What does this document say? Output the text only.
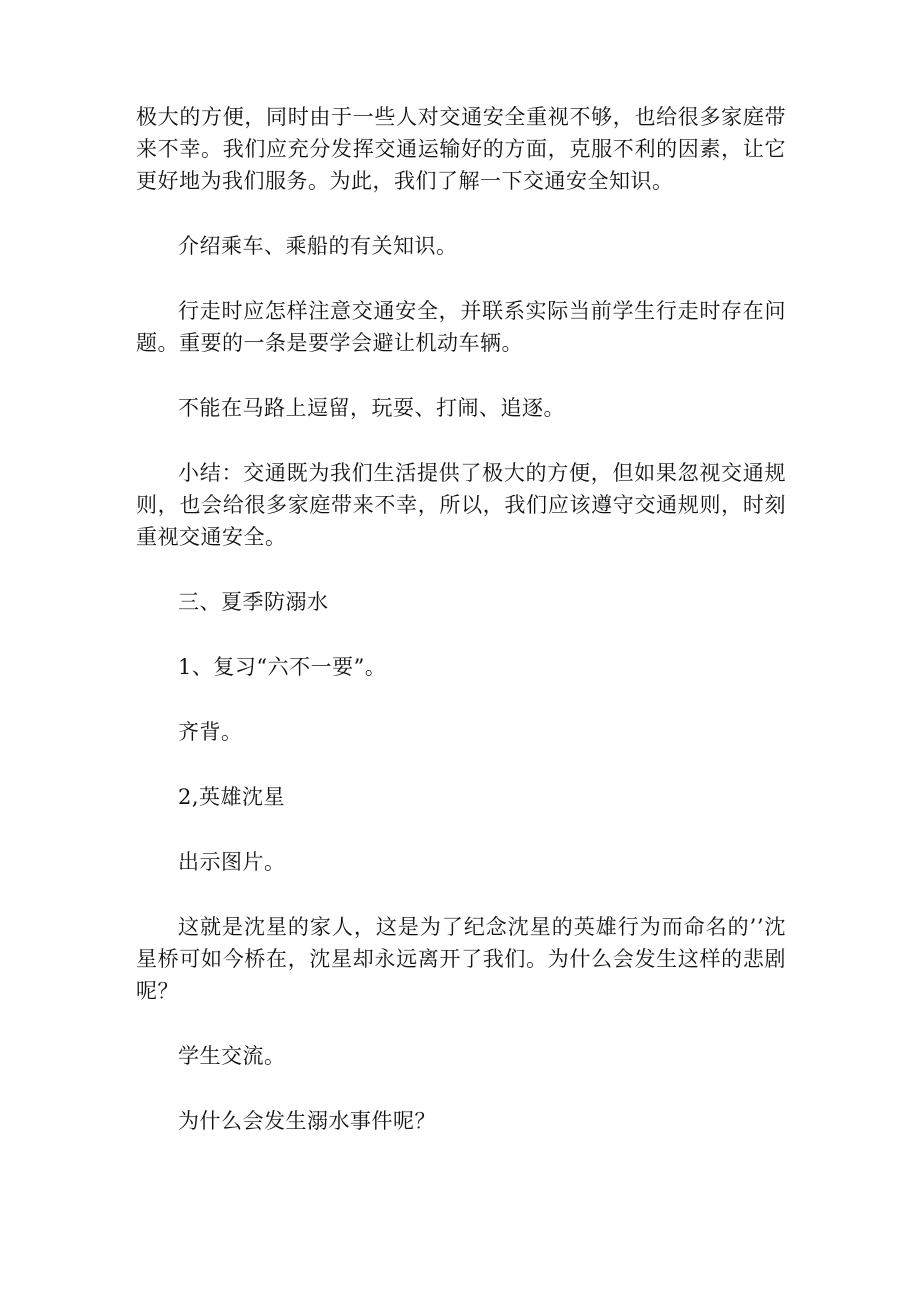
极大的方便，同时由于一些人对交通安全重视不够，也给很多家庭带来不幸。我们应充分发挥交通运输好的方面，克服不利的因素，让它更好地为我们服务。为此，我们了解一下交通安全知识。

介绍乘车、乘船的有关知识。

行走时应怎样注意交通安全，并联系实际当前学生行走时存在问题。重要的一条是要学会避让机动车辆。

不能在马路上逗留，玩耍、打闹、追逐。

小结：交通既为我们生活提供了极大的方便，但如果忽视交通规则，也会给很多家庭带来不幸，所以，我们应该遵守交通规则，时刻重视交通安全。

三、夏季防溺水

1、复习“六不一要”。

齐背。

2,英雄沈星

出示图片。

这就是沈星的家人，这是为了纪念沈星的英雄行为而命名的’’沈星桥可如今桥在，沈星却永远离开了我们。为什么会发生这样的悲剧呢？

学生交流。

为什么会发生溺水事件呢？
